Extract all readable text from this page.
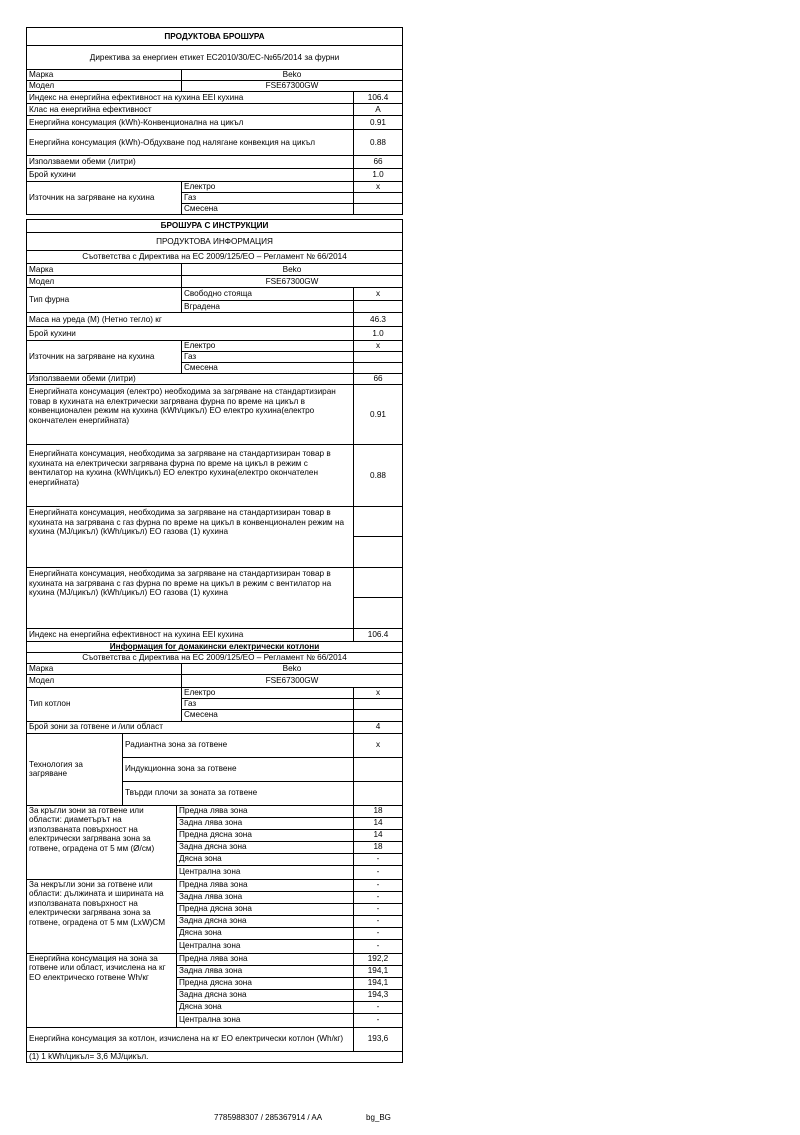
ПРОДУКТОВА БРОШУРА		
Директива за енергиен етикет EC2010/30/EC-№65/2014 за фурни		
Марка	Beko	
Модел	FSE67300GW	
Индекс на енергийна ефективност на кухина EEI кухина		106.4
Клас на енергийна ефективност		A
Енергийна консумация (kWh)-Конвенционална на цикъл		0.91
Енергийна консумация (kWh)-Обдухване под налягане конвекция на цикъл		0.88
Използваеми обеми (литри)		66
Брой кухини		1.0
Източник на загряване на кухина	Електро	x
	Газ	
	Смесена	

БРОШУРА С ИНСТРУКЦИИ		
ПРОДУКТОВА ИНФОРМАЦИЯ		
Съответства с Директива на ЕС 2009/125/ЕО – Регламент № 66/2014		
Марка	Beko	
Модел	FSE67300GW	
Тип фурна	Свободно стояща	x
	Вградена	
Маса на уреда (M) (Нетно тегло) кг		46.3
Брой кухини		1.0
Източник на загряване на кухина	Електро	x
	Газ	
	Смесена	
Използваеми обеми (литри)		66
Енергийната консумация (електро) необходима за загряване на стандартизиран товар в кухината на електрически загрявана фурна по време на цикъл в конвенционален режим на кухина (kWh/цикъл) ЕО електро кухина(електро окончателен енергийната)		0.91
Енергийната консумация, необходима за загряване на стандартизиран товар в кухината на електрически загрявана фурна по време на цикъл в режим с вентилатор на кухина (kWh/цикъл) ЕО електро кухина(електро окончателен енергийната)		0.88
Енергийната консумация, необходима за загряване на стандартизиран товар в кухината на загрявана с газ фурна по време на цикъл в конвенционален режим на кухина (MJ/цикъл) (kWh/цикъл) ЕО газова (1) кухина		

Енергийната консумация, необходима за загряване на стандартизиран товар в кухината на загрявана с газ фурна по време на цикъл в режим с вентилатор на кухина (MJ/цикъл) (kWh/цикъл) ЕО газова (1) кухина		

Индекс на енергийна ефективност на кухина EEI кухина		106.4
Информация for домакински електрически котлони		
Съответства с Директива на ЕС 2009/125/ЕО – Регламент № 66/2014		
Марка	Beko	
Модел	FSE67300GW	
Тип котлон	Електро	x
	Газ	
	Смесена	
Брой зони за готвене и /или област		4
Технология за загряване	Радиантна зона за готвене	x
	Индукционна зона за готвене	
	Твърди плочи за зоната за готвене	
За кръгли зони за готвене или области: диаметърът на използваната повърхност на електрически загрявана зона за готвене, оградена от 5 мм (Ø/см)	Предна лява зона	18
	Задна лява зона	14
	Предна дясна зона	14
	Задна дясна зона	18
	Дясна зона	-
	Централна зона	-
За некръгли зони за готвене или области: дължината и ширината на използваната повърхност на електрически загрявана зона за готвене, оградена от 5 мм (LxW)CM	Предна лява зона	-
	Задна лява зона	-
	Предна дясна зона	-
	Задна дясна зона	-
	Дясна зона	-
	Централна зона	-
Енергийна консумация на зона за готвене или област, изчислена на кг ЕО електрическо готвене Wh/кг	Предна лява зона	192,2
	Задна лява зона	194,1
	Предна дясна зона	194,1
	Задна дясна зона	194,3
	Дясна зона	-
	Централна зона	-
Енергийна консумация за котлон, изчислена на кг ЕО електрически котлон (Wh/кг)		193,6
(1) 1 kWh/цикъл= 3,6 MJ/цикъл.		
7785988307 / 285367914 / AA	bg_BG
